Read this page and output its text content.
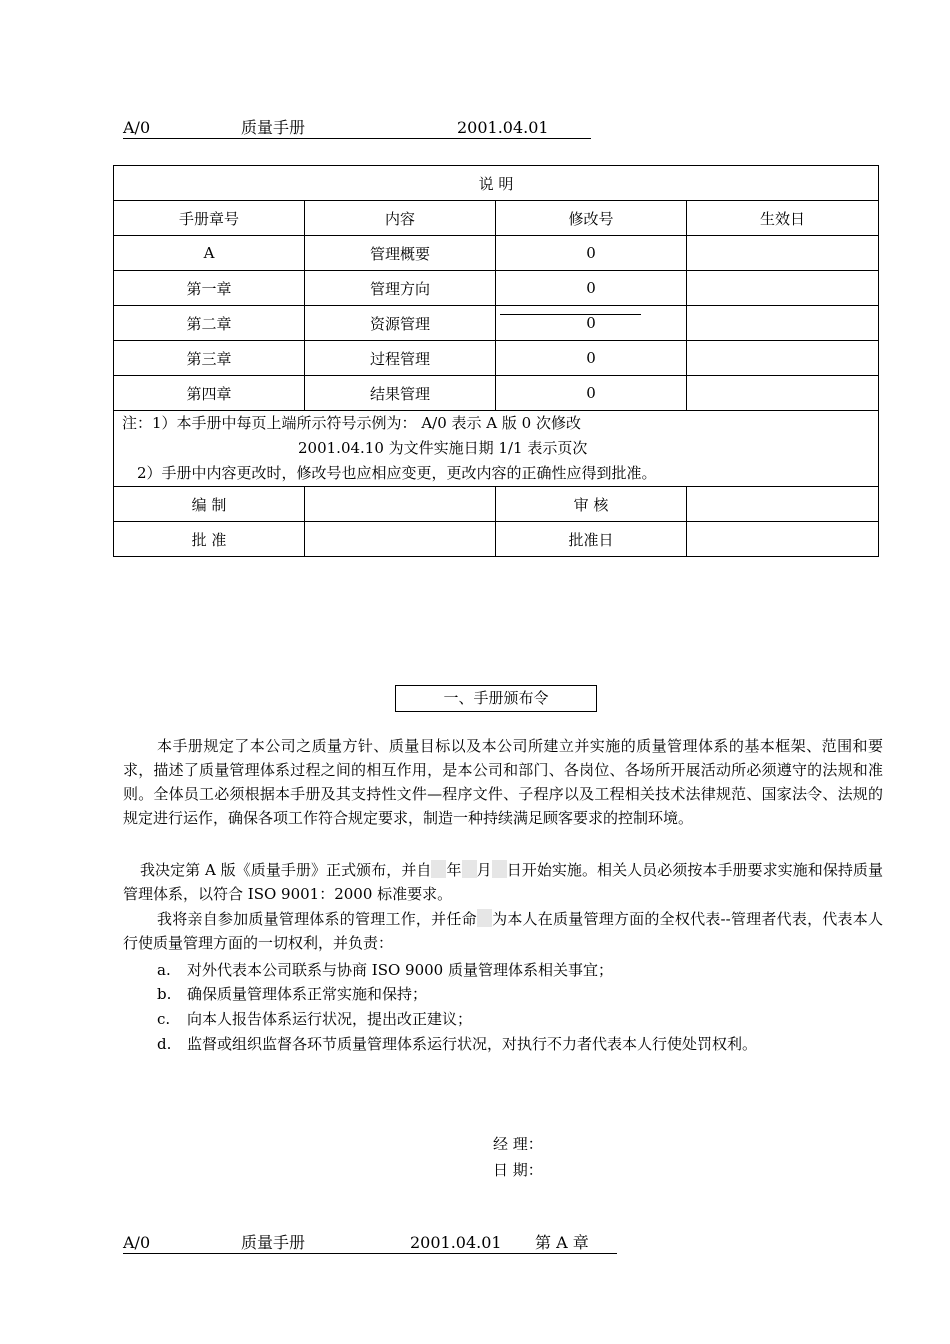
A/0	质量手册	2001.04.01
说 明			
手册章号	内容	修改号	生效日
A	管理概要	0	
第一章	管理方向	0	
第二章	资源管理	0	
第三章	过程管理	0	
第四章	结果管理	0	

注：1）本手册中每页上端所示符号示例为： A/0 表示 A 版 0 次修改
2001.04.10 为文件实施日期 1/1 表示页次
2）手册中内容更改时，修改号也应相应变更，更改内容的正确性应得到批准。			

编 制		审 核	
批 准		批准日	
一、手册颁布令
本手册规定了本公司之质量方针、质量目标以及本公司所建立并实施的质量管理体系的基本框架、范围和要求，描述了质量管理体系过程之间的相互作用，是本公司和部门、各岗位、各场所开展活动所必须遵守的法规和准则。全体员工必须根据本手册及其支持性文件—程序文件、子程序以及工程相关技术法律规范、国家法令、法规的规定进行运作，确保各项工作符合规定要求，制造一种持续满足顾客要求的控制环境。
我决定第 A 版《质量手册》正式颁布，并自 年 月 日开始实施。相关人员必须按本手册要求实施和保持质量管理体系，以符合 ISO 9001：2000 标准要求。
我将亲自参加质量管理体系的管理工作，并任命 为本人在质量管理方面的全权代表--管理者代表，代表本人行使质量管理方面的一切权利，并负责：
a. 对外代表本公司联系与协商 ISO 9000 质量管理体系相关事宜；
b. 确保质量管理体系正常实施和保持；
c. 向本人报告体系运行状况，提出改正建议；
d. 监督或组织监督各环节质量管理体系运行状况，对执行不力者代表本人行使处罚权利。
经 理：
日 期：
A/0	质量手册	2001.04.01 第 A 章
